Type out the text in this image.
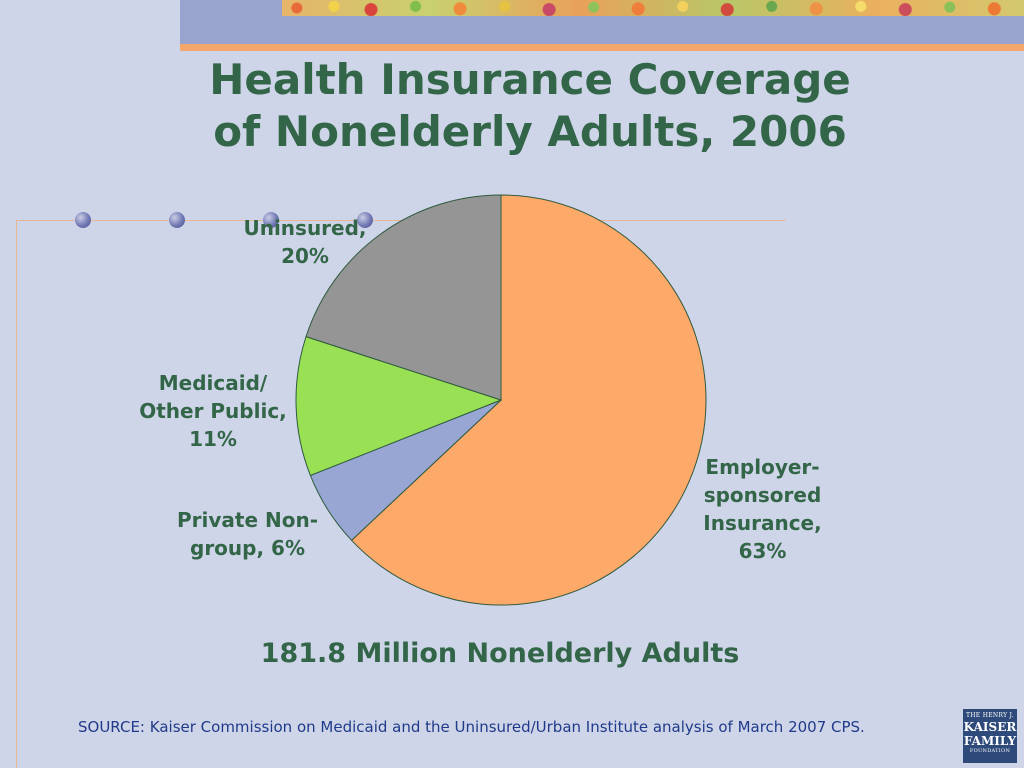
Health Insurance Coverage of Nonelderly Adults, 2006
Employer-
sponsored
Insurance,
63%
Private Non-
group, 6%
Medicaid/
Other Public,
11%
Uninsured,
20%
181.8 Million Nonelderly Adults
SOURCE: Kaiser Commission on Medicaid and the Uninsured/Urban Institute analysis of March 2007 CPS.
THE HENRY J.
KAISER
FAMILY
FOUNDATION
